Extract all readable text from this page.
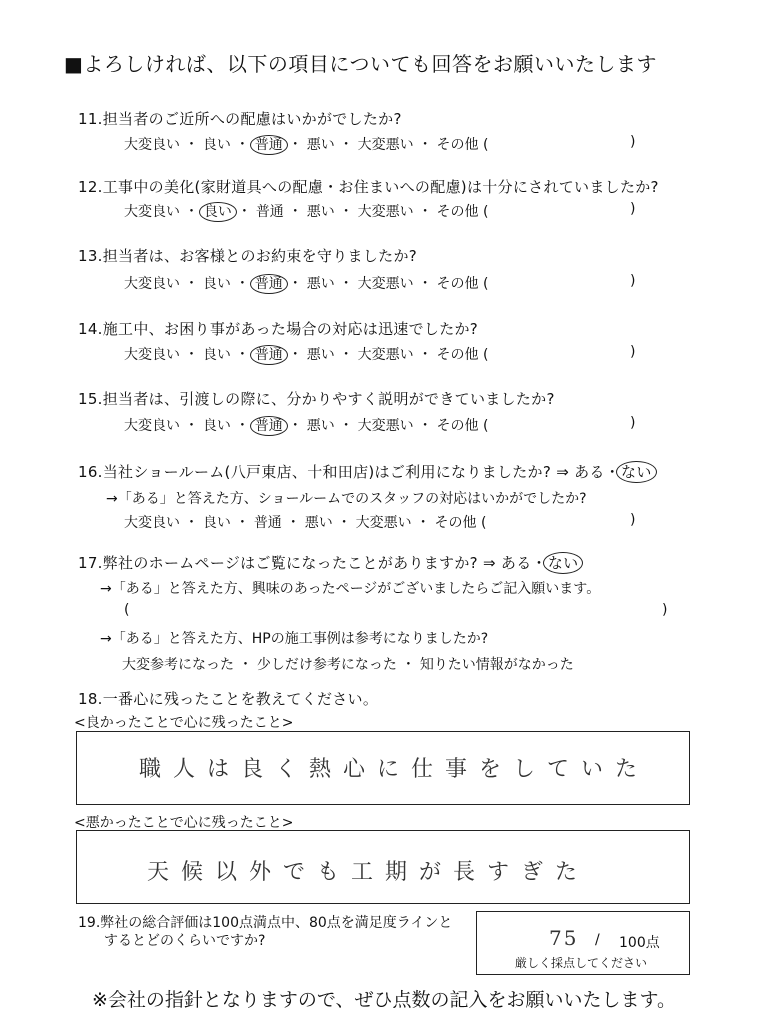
■よろしければ、以下の項目についても回答をお願いいたします
11.担当者のご近所への配慮はいかがでしたか?
大変良い ・ 良い ・ 普通 ・ 悪い ・ 大変悪い ・ その他 (	)
12.工事中の美化(家財道具への配慮・お住まいへの配慮)は十分にされていましたか?
大変良い ・ 良い ・ 普通 ・ 悪い ・ 大変悪い ・ その他 (	)
13.担当者は、お客様とのお約束を守りましたか?
大変良い ・ 良い ・ 普通 ・ 悪い ・ 大変悪い ・ その他 (	)
14.施工中、お困り事があった場合の対応は迅速でしたか?
大変良い ・ 良い ・ 普通 ・ 悪い ・ 大変悪い ・ その他 (	)
15.担当者は、引渡しの際に、分かりやすく説明ができていましたか?
大変良い ・ 良い ・ 普通 ・ 悪い ・ 大変悪い ・ その他 (	)
16.当社ショールーム(八戸東店、十和田店)はご利用になりましたか? ⇒ ある・ない
→「ある」と答えた方、ショールームでのスタッフの対応はいかがでしたか?
大変良い ・ 良い ・ 普通 ・ 悪い ・ 大変悪い ・ その他 (	)
17.弊社のホームページはご覧になったことがありますか? ⇒ ある・ない
→「ある」と答えた方、興味のあったページがございましたらご記入願います。
(	)
→「ある」と答えた方、HPの施工事例は参考になりましたか?
大変参考になった ・ 少しだけ参考になった ・ 知りたい情報がなかった
18.一番心に残ったことを教えてください。
<良かったことで心に残ったこと>
職人は良く熱心に仕事をしていた
<悪かったことで心に残ったこと>
天候以外でも工期が長すぎた
19.弊社の総合評価は100点満点中、80点を満足度ラインと
するとどのくらいですか?	75 / 100点
厳しく採点してください
※会社の指針となりますので、ぜひ点数の記入をお願いいたします。
